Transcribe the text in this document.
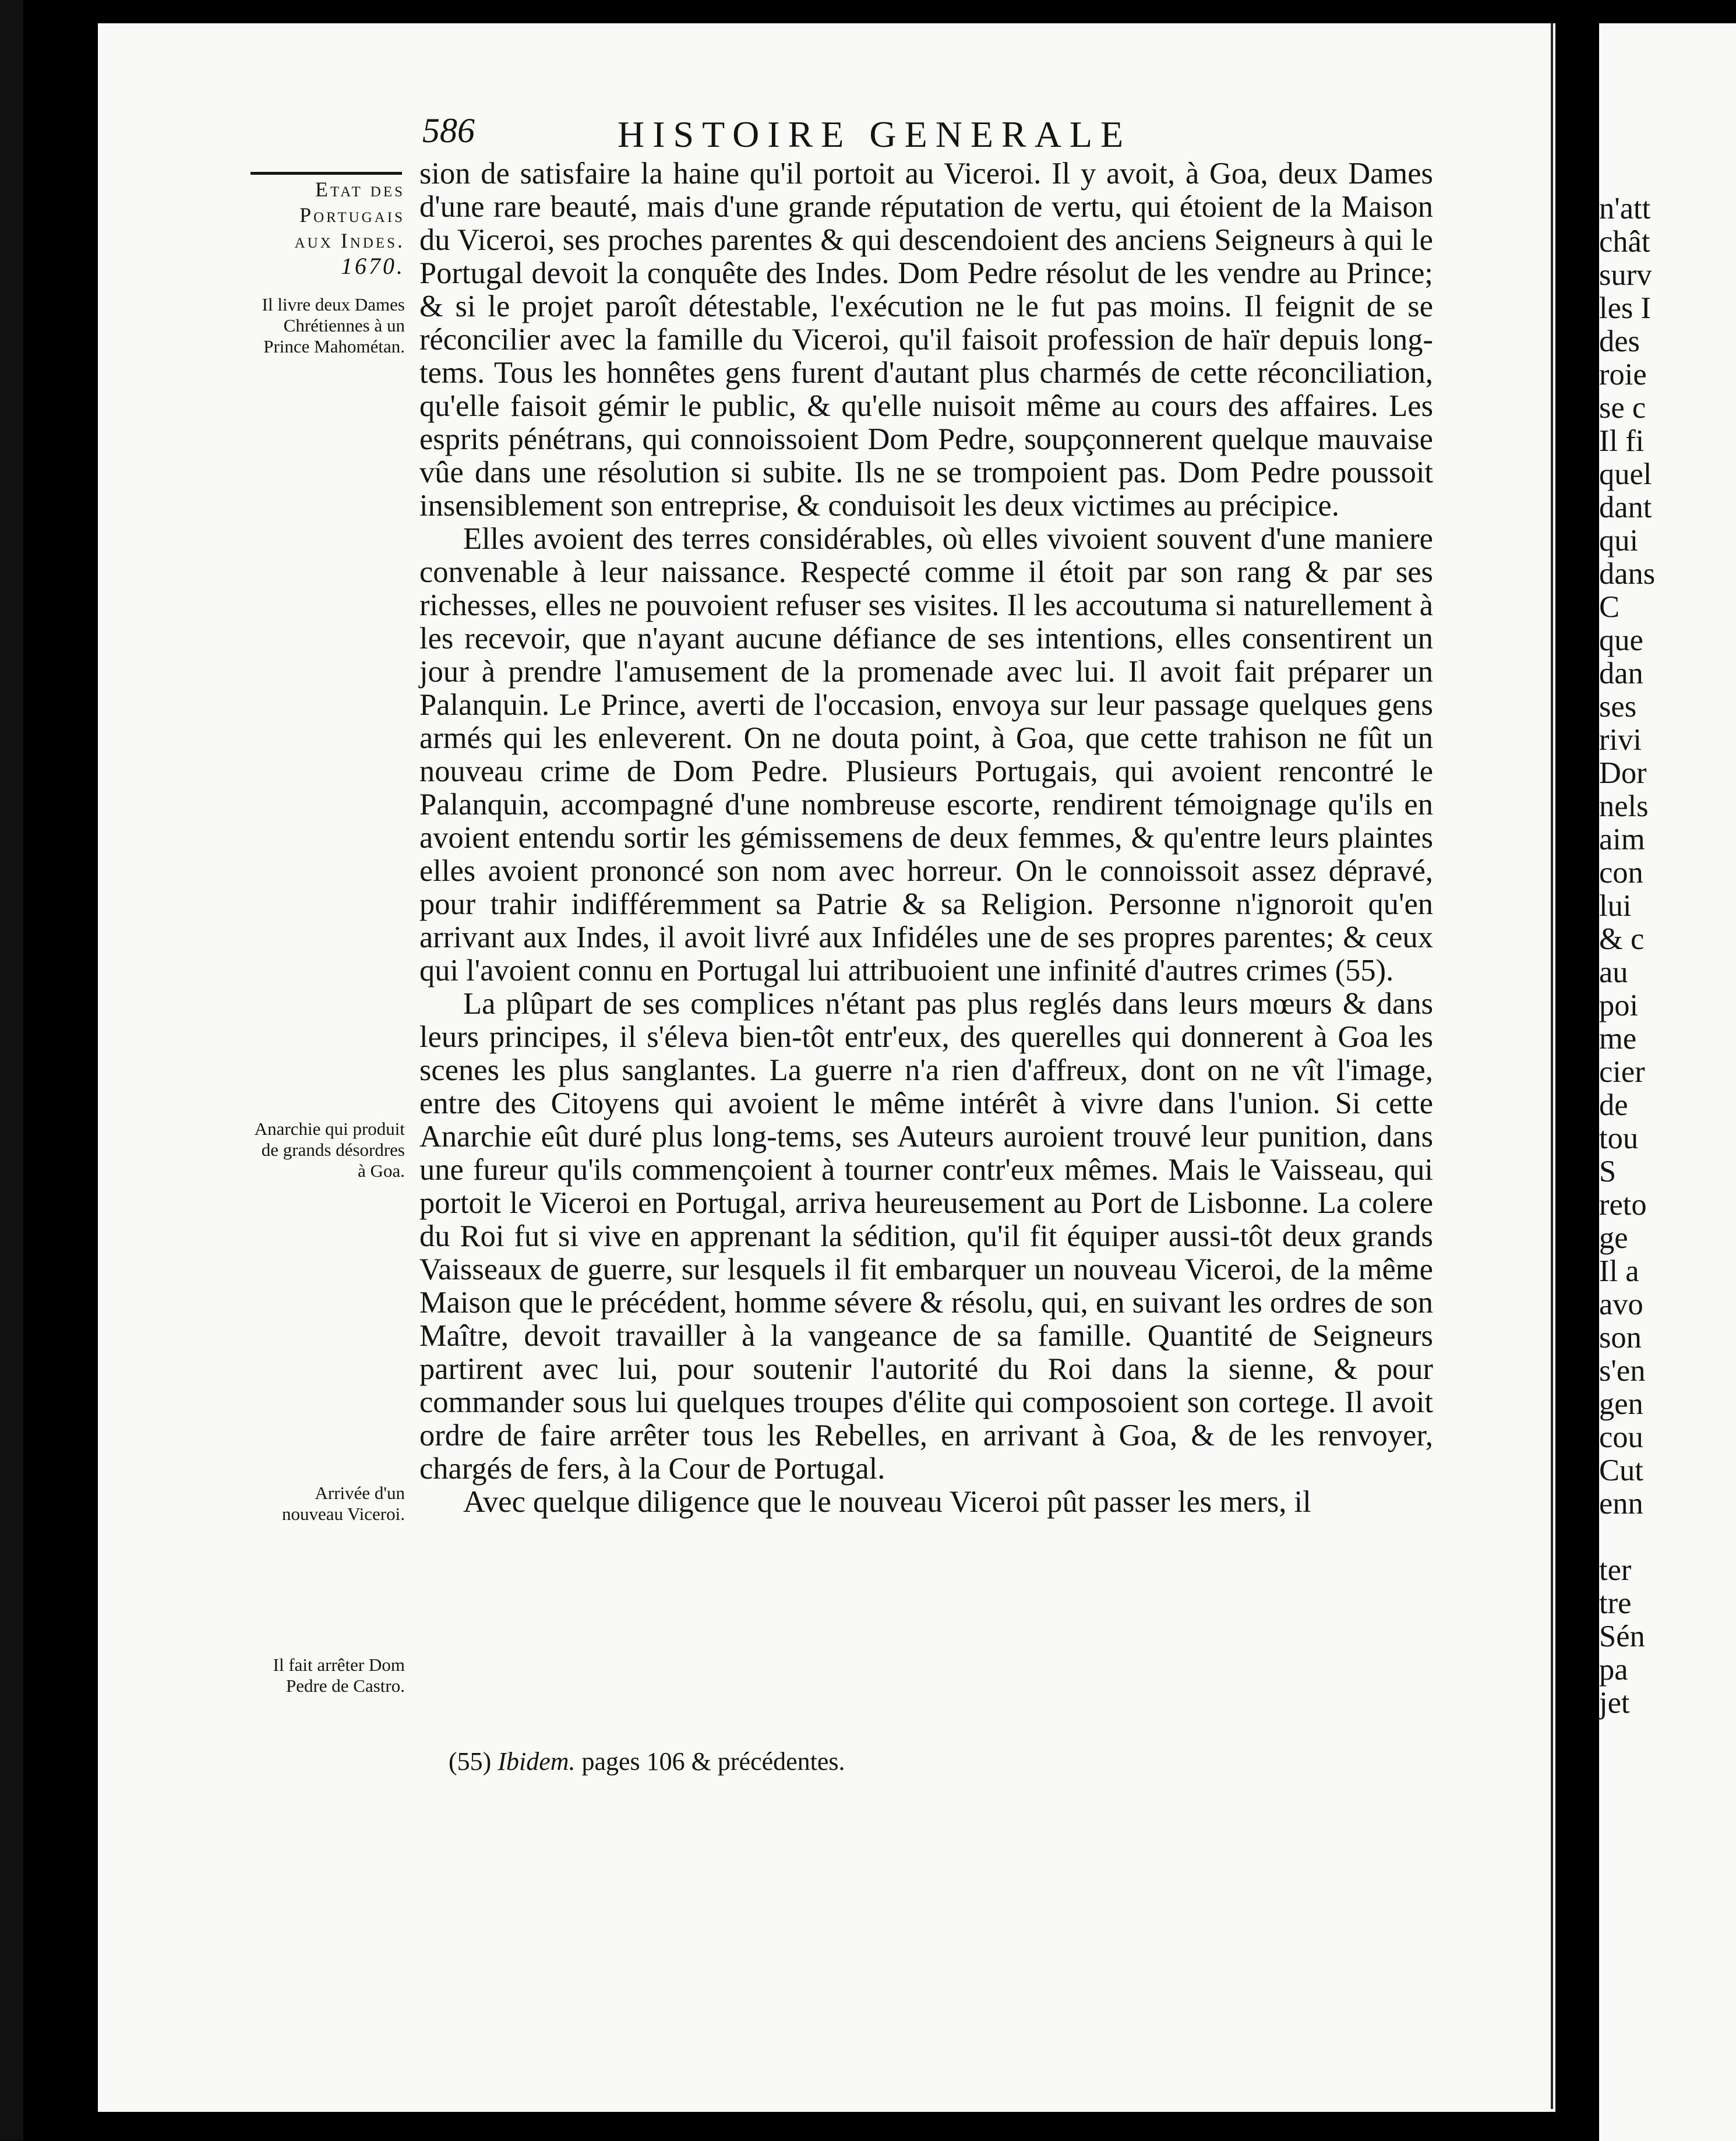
n'att
chât
surv
les I
des
roie
se c
Il fi
quel
dant
qui
dans
C
que
dan
ses
rivi
Dor
nels
aim
con
lui
& c
au
poi
me
cier
de
tou
S
reto
ge
Il a
avo
son
s'en
gen
cou
Cut
enn

ter
tre
Sén
pa
jet
586	HISTOIRE GENERALE
Etat des
Portugais
aux Indes.
1670.
Il livre deux Dames Chrétiennes à un Prince Mahométan.
Anarchie qui produit de grands désordres à Goa.
Arrivée d'un nouveau Viceroi.
Il fait arrêter Dom Pedre de Castro.

sion de satisfaire la haine qu'il portoit au Viceroi. Il y avoit, à Goa, deux Dames d'une rare beauté, mais d'une grande réputation de vertu, qui étoient de la Maison du Viceroi, ses proches parentes & qui descendoient des anciens Seigneurs à qui le Portugal devoit la conquête des Indes. Dom Pedre résolut de les vendre au Prince; & si le projet paroît détestable, l'exécution ne le fut pas moins. Il feignit de se réconcilier avec la famille du Viceroi, qu'il faisoit profession de haïr depuis long-tems. Tous les honnêtes gens furent d'autant plus charmés de cette réconciliation, qu'elle faisoit gémir le public, & qu'elle nuisoit même au cours des affaires. Les esprits pénétrans, qui connoissoient Dom Pedre, soupçonnerent quelque mauvaise vûe dans une résolution si subite. Ils ne se trompoient pas. Dom Pedre poussoit insensiblement son entreprise, & conduisoit les deux victimes au précipice.

Elles avoient des terres considérables, où elles vivoient souvent d'une maniere convenable à leur naissance. Respecté comme il étoit par son rang & par ses richesses, elles ne pouvoient refuser ses visites. Il les accoutuma si naturellement à les recevoir, que n'ayant aucune défiance de ses intentions, elles consentirent un jour à prendre l'amusement de la promenade avec lui. Il avoit fait préparer un Palanquin. Le Prince, averti de l'occasion, envoya sur leur passage quelques gens armés qui les enleverent. On ne douta point, à Goa, que cette trahison ne fût un nouveau crime de Dom Pedre. Plusieurs Portugais, qui avoient rencontré le Palanquin, accompagné d'une nombreuse escorte, rendirent témoignage qu'ils en avoient entendu sortir les gémissemens de deux femmes, & qu'entre leurs plaintes elles avoient prononcé son nom avec horreur. On le connoissoit assez dépravé, pour trahir indifféremment sa Patrie & sa Religion. Personne n'ignoroit qu'en arrivant aux Indes, il avoit livré aux Infidéles une de ses propres parentes; & ceux qui l'avoient connu en Portugal lui attribuoient une infinité d'autres crimes (55).

La plûpart de ses complices n'étant pas plus reglés dans leurs mœurs & dans leurs principes, il s'éleva bien-tôt entr'eux, des querelles qui donnerent à Goa les scenes les plus sanglantes. La guerre n'a rien d'affreux, dont on ne vît l'image, entre des Citoyens qui avoient le même intérêt à vivre dans l'union. Si cette Anarchie eût duré plus long-tems, ses Auteurs auroient trouvé leur punition, dans une fureur qu'ils commençoient à tourner contr'eux mêmes. Mais le Vaisseau, qui portoit le Viceroi en Portugal, arriva heureusement au Port de Lisbonne. La colere du Roi fut si vive en apprenant la sédition, qu'il fit équiper aussi-tôt deux grands Vaisseaux de guerre, sur lesquels il fit embarquer un nouveau Viceroi, de la même Maison que le précédent, homme sévere & résolu, qui, en suivant les ordres de son Maître, devoit travailler à la vangeance de sa famille. Quantité de Seigneurs partirent avec lui, pour soutenir l'autorité du Roi dans la sienne, & pour commander sous lui quelques troupes d'élite qui composoient son cortege. Il avoit ordre de faire arrêter tous les Rebelles, en arrivant à Goa, & de les renvoyer, chargés de fers, à la Cour de Portugal.

Avec quelque diligence que le nouveau Viceroi pût passer les mers, il

(55) Ibidem. pages 106 & précédentes.
